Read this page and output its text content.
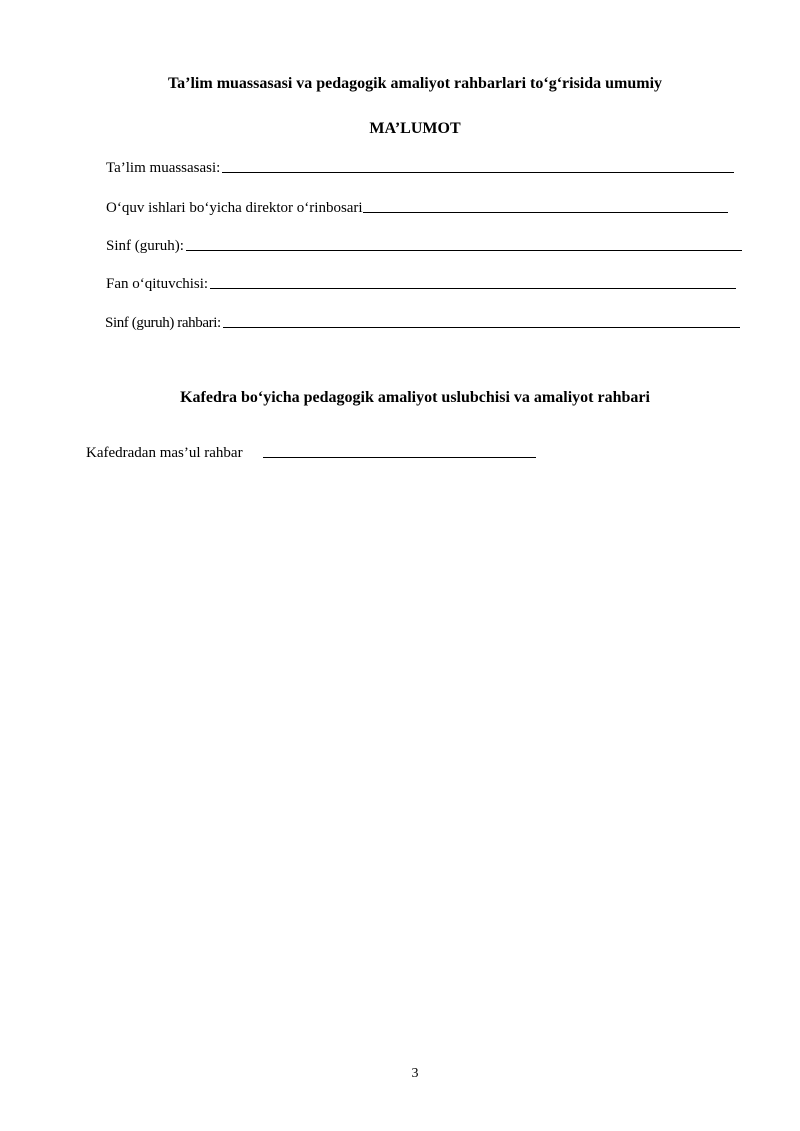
Ta’lim muassasasi va pedagogik amaliyot rahbarlari to‘g‘risida umumiy
MA’LUMOT
Ta’lim muassasasi:
O‘quv ishlari bo‘yicha direktor o‘rinbosari
Sinf (guruh):
Fan o‘qituvchisi:
Sinf (guruh) rahbari:
Kafedra bo‘yicha pedagogik amaliyot uslubchisi va amaliyot rahbari
Kafedradan mas’ul rahbar
3
